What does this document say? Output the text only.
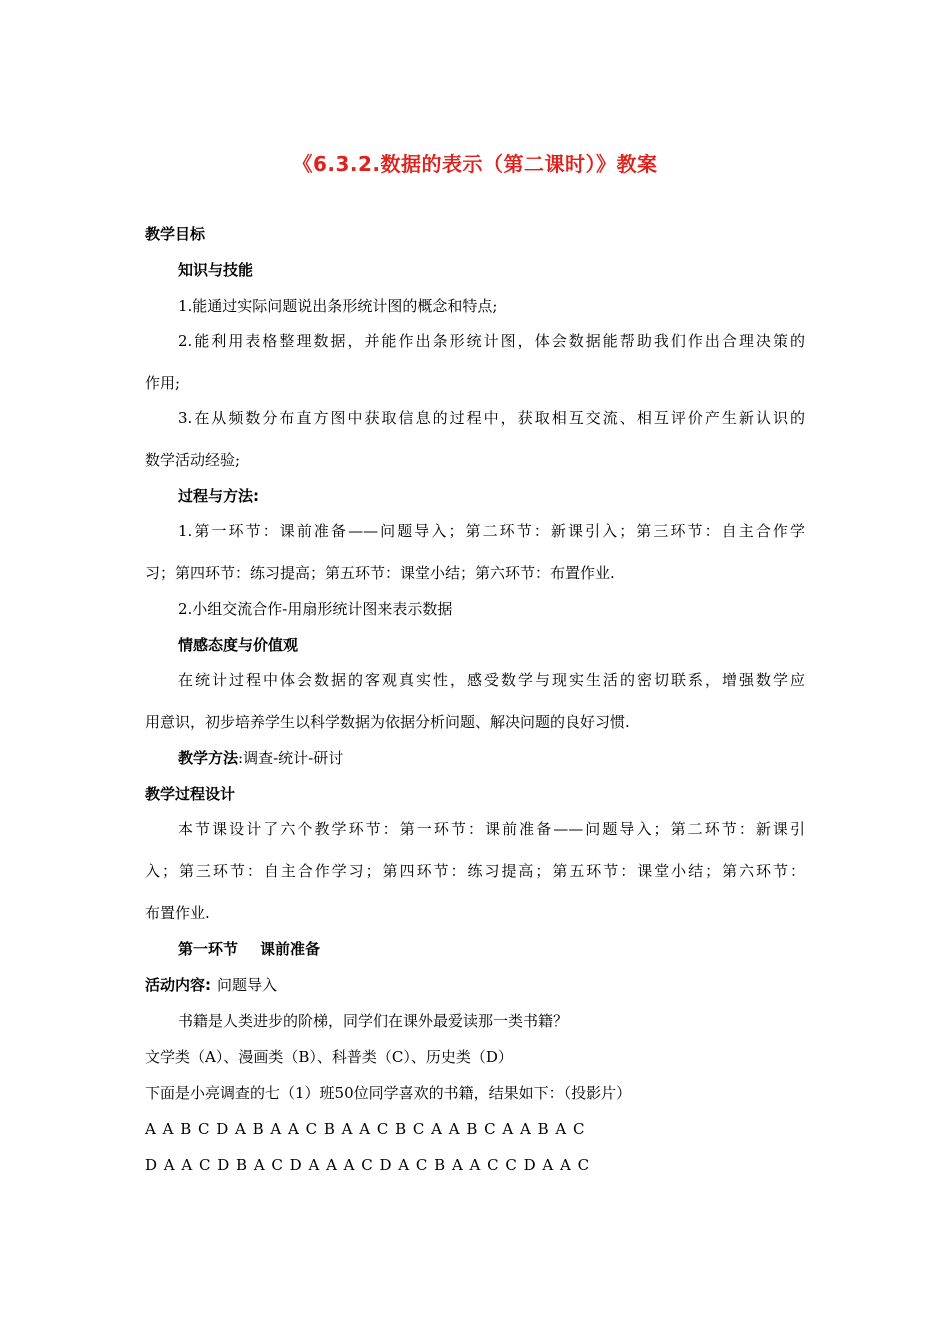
《6.3.2.数据的表示（第二课时）》教案
教学目标
知识与技能
1.能通过实际问题说出条形统计图的概念和特点;
2.能利用表格整理数据，并能作出条形统计图，体会数据能帮助我们作出合理决策的
作用;
3.在从频数分布直方图中获取信息的过程中，获取相互交流、相互评价产生新认识的
数学活动经验;
过程与方法:
1.第一环节：课前准备——问题导入；第二环节：新课引入；第三环节：自主合作学
习；第四环节：练习提高；第五环节：课堂小结；第六环节：布置作业.
2.小组交流合作-用扇形统计图来表示数据
情感态度与价值观
在统计过程中体会数据的客观真实性，感受数学与现实生活的密切联系，增强数学应
用意识，初步培养学生以科学数据为依据分析问题、解决问题的良好习惯.
教学方法:调查-统计-研讨
教学过程设计
本节课设计了六个教学环节：第一环节：课前准备——问题导入；第二环节：新课引
入；第三环节：自主合作学习；第四环节：练习提高；第五环节：课堂小结；第六环节：
布置作业.
第一环节 课前准备
活动内容: 问题导入
书籍是人类进步的阶梯，同学们在课外最爱读那一类书籍？
文学类（A）、漫画类（B）、科普类（C）、历史类（D）
下面是小亮调查的七（1）班50位同学喜欢的书籍，结果如下：（投影片）
A A B C D A B A A C B A A C B C A A B C A A B A C
D A A C D B A C D A A A C D A C B A A C C D A A C
